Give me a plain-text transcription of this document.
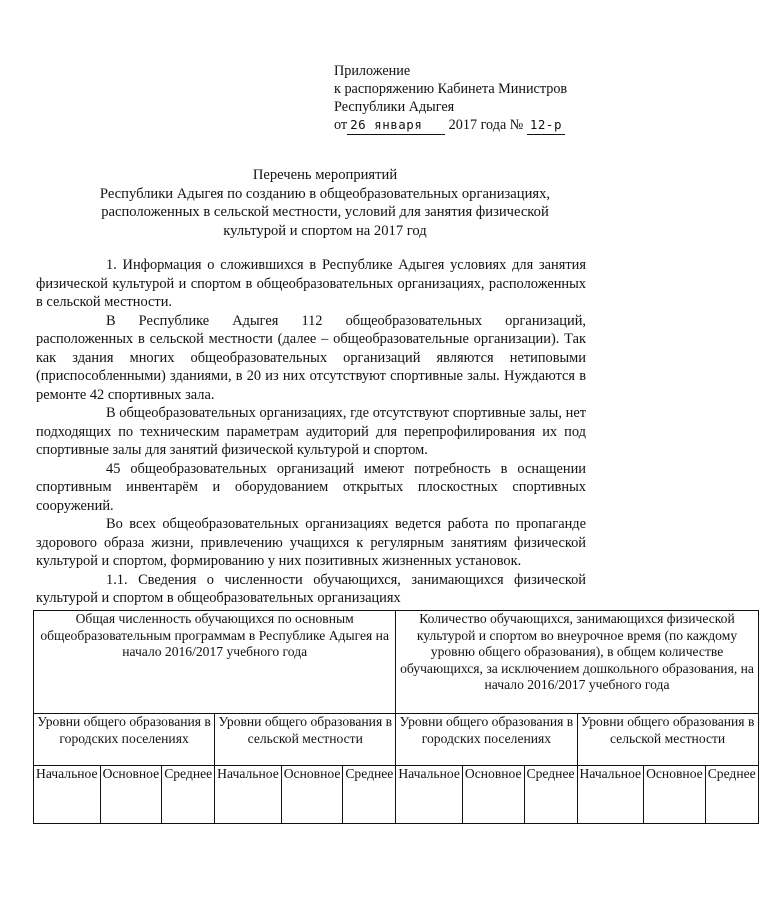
Приложение
к распоряжению Кабинета Министров
Республики Адыгея
от 26 января 2017 года № 12-р
Перечень мероприятий
Республики Адыгея по созданию в общеобразовательных организациях,
расположенных в сельской местности, условий для занятия физической
культурой и спортом на 2017 год

1. Информация о сложившихся в Республике Адыгея условиях для занятия физической культурой и спортом в общеобразовательных организациях, расположенных в сельской местности.

В Республике Адыгея 112 общеобразовательных организаций, расположенных в сельской местности (далее – общеобразовательные организации). Так как здания многих общеобразовательных организаций являются нетиповыми (приспособленными) зданиями, в 20 из них отсутствуют спортивные залы. Нуждаются в ремонте 42 спортивных зала.

В общеобразовательных организациях, где отсутствуют спортивные залы, нет подходящих по техническим параметрам аудиторий для перепрофилирования их под спортивные залы для занятий физической культурой и спортом.

45 общеобразовательных организаций имеют потребность в оснащении спортивным инвентарём и оборудованием открытых плоскостных спортивных сооружений.

Во всех общеобразовательных организациях ведется работа по пропаганде здорового образа жизни, привлечению учащихся к регулярным занятиям физической культурой и спортом, формированию у них позитивных жизненных установок.

1.1. Сведения о численности обучающихся, занимающихся физической культурой и спортом в общеобразовательных организациях

Общая численность обучающихся по основным общеобразовательным программам в Республике Адыгея на начало 2016/2017 учебного года						Количество обучающихся, занимающихся физической культурой и спортом во внеурочное время (по каждому уровню общего образования), в общем количестве обучающихся, за исключением дошкольного образования, на начало 2016/2017 учебного года					
Уровни общего образования в городских поселениях			Уровни общего образования в сельской местности			Уровни общего образования в городских поселениях			Уровни общего образования в сельской местности		
Начальное	Основное	Среднее	Начальное	Основное	Среднее	Начальное	Основное	Среднее	Начальное	Основное	Среднее
